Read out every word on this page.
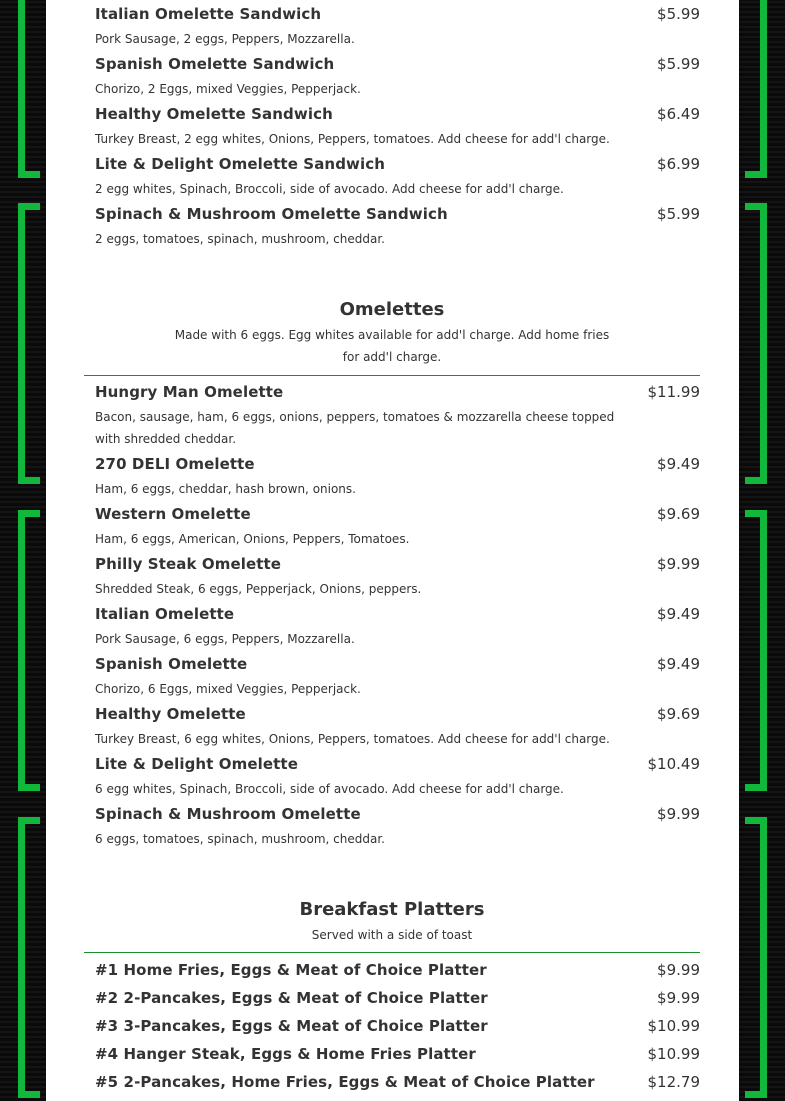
Italian Omelette Sandwich	$5.99
Pork Sausage, 2 eggs, Peppers, Mozzarella.
Spanish Omelette Sandwich	$5.99
Chorizo, 2 Eggs, mixed Veggies, Pepperjack.
Healthy Omelette Sandwich	$6.49
Turkey Breast, 2 egg whites, Onions, Peppers, tomatoes. Add cheese for add'l charge.
Lite & Delight Omelette Sandwich	$6.99
2 egg whites, Spinach, Broccoli, side of avocado. Add cheese for add'l charge.
Spinach & Mushroom Omelette Sandwich	$5.99
2 eggs, tomatoes, spinach, mushroom, cheddar.
Omelettes
Made with 6 eggs. Egg whites available for add'l charge. Add home fries for add'l charge.
Hungry Man Omelette	$11.99
Bacon, sausage, ham, 6 eggs, onions, peppers, tomatoes & mozzarella cheese topped with shredded cheddar.
270 DELI Omelette	$9.49
Ham, 6 eggs, cheddar, hash brown, onions.
Western Omelette	$9.69
Ham, 6 eggs, American, Onions, Peppers, Tomatoes.
Philly Steak Omelette	$9.99
Shredded Steak, 6 eggs, Pepperjack, Onions, peppers.
Italian Omelette	$9.49
Pork Sausage, 6 eggs, Peppers, Mozzarella.
Spanish Omelette	$9.49
Chorizo, 6 Eggs, mixed Veggies, Pepperjack.
Healthy Omelette	$9.69
Turkey Breast, 6 egg whites, Onions, Peppers, tomatoes. Add cheese for add'l charge.
Lite & Delight Omelette	$10.49
6 egg whites, Spinach, Broccoli, side of avocado. Add cheese for add'l charge.
Spinach & Mushroom Omelette	$9.99
6 eggs, tomatoes, spinach, mushroom, cheddar.
Breakfast Platters
Served with a side of toast
#1 Home Fries, Eggs & Meat of Choice Platter	$9.99
#2 2-Pancakes, Eggs & Meat of Choice Platter	$9.99
#3 3-Pancakes, Eggs & Meat of Choice Platter	$10.99
#4 Hanger Steak, Eggs & Home Fries Platter	$10.99
#5 2-Pancakes, Home Fries, Eggs & Meat of Choice Platter	$12.79
